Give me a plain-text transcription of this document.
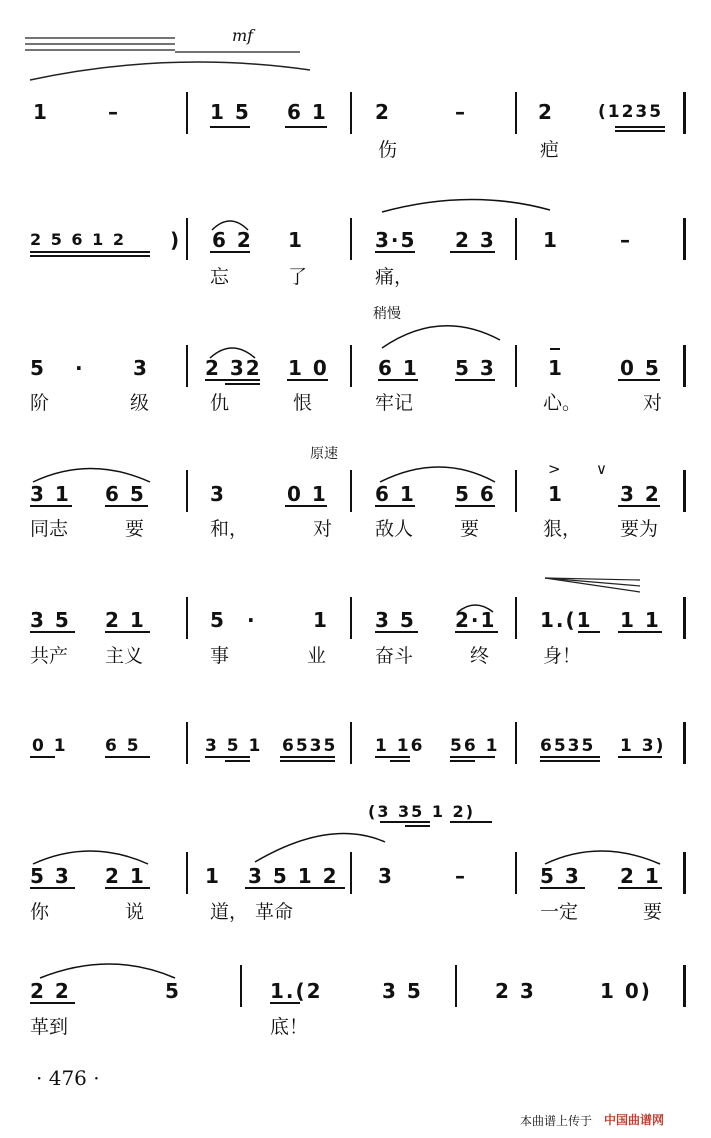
mf
稍慢
原速
> ∨
1	–	1 5 6 1 2	–	2	(1235
伤	疤
2 5 6 1 2 ) 6 2 1	3·5 2 3 1	–
忘	了	痛，
5 · 3	2 32 1 0 6 1 5 3	1	0 5
阶	级	仇	恨	牢记	心。	对
3 1 6 5	3	0 1 6 1 5 6	1	3 2
同志	要	和，	对 敌人 要	狠， 要为
3 5 2 1	5 ·	1 3 5 2·1 1.(1 1 1
共产 主义	事	业	奋斗	终	身！
0 1 6 5	3 5 1 6535 1 16 56 1 6535 1 3)
(3 35 1 2)
5 3 2 1	1 3 5 1 2 3	–	5 3 2 1
你	说	道， 革命	一定	要
2 2	5	1.(2	3 5	2 3	1 0)
革到	底！
· 476 ·
本曲谱上传于 中国曲谱网
